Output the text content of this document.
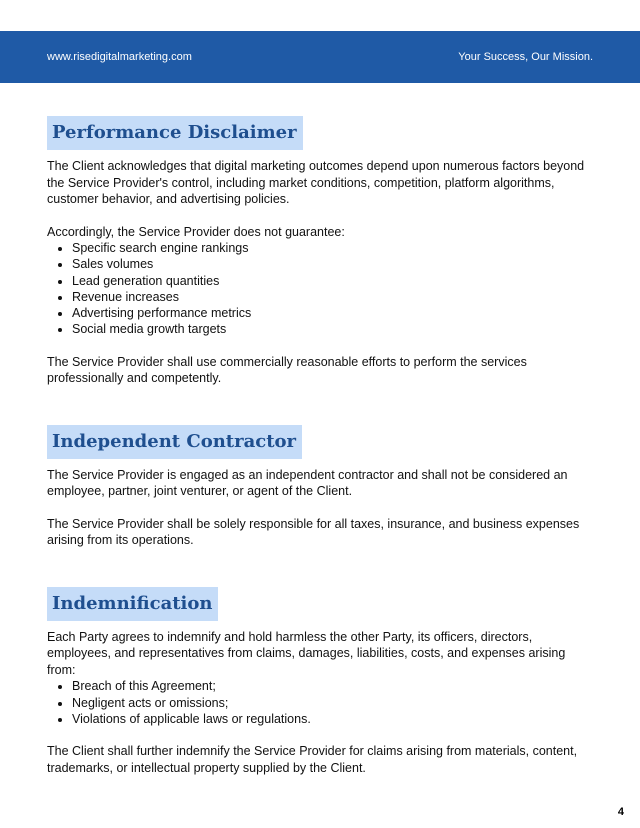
www.risedigitalmarketing.com	Your Success, Our Mission.
Performance Disclaimer

The Client acknowledges that digital marketing outcomes depend upon numerous factors beyond the Service Provider's control, including market conditions, competition, platform algorithms, customer behavior, and advertising policies.

Accordingly, the Service Provider does not guarantee:

• Specific search engine rankings
• Sales volumes
• Lead generation quantities
• Revenue increases
• Advertising performance metrics
• Social media growth targets

The Service Provider shall use commercially reasonable efforts to perform the services professionally and competently.

Independent Contractor

The Service Provider is engaged as an independent contractor and shall not be considered an employee, partner, joint venturer, or agent of the Client.

The Service Provider shall be solely responsible for all taxes, insurance, and business expenses arising from its operations.

Indemnification

Each Party agrees to indemnify and hold harmless the other Party, its officers, directors, employees, and representatives from claims, damages, liabilities, costs, and expenses arising from:

• Breach of this Agreement;
• Negligent acts or omissions;
• Violations of applicable laws or regulations.

The Client shall further indemnify the Service Provider for claims arising from materials, content, trademarks, or intellectual property supplied by the Client.

4
